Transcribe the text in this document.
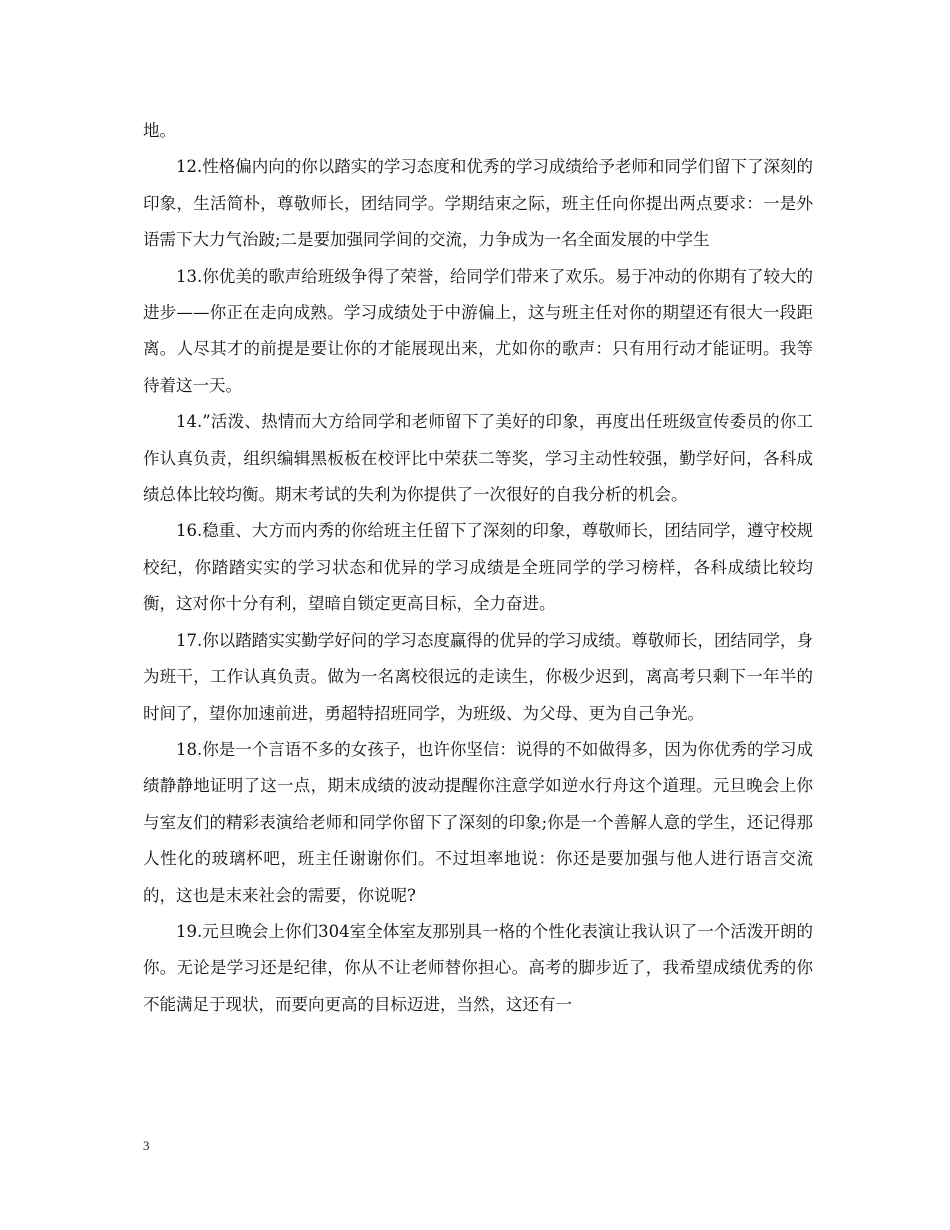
地。

12.性格偏内向的你以踏实的学习态度和优秀的学习成绩给予老师和同学们留下了深刻的印象，生活简朴，尊敬师长，团结同学。学期结束之际，班主任向你提出两点要求：一是外语需下大力气治跛;二是要加强同学间的交流，力争成为一名全面发展的中学生

13.你优美的歌声给班级争得了荣誉，给同学们带来了欢乐。易于冲动的你期有了较大的进步——你正在走向成熟。学习成绩处于中游偏上，这与班主任对你的期望还有很大一段距离。人尽其才的前提是要让你的才能展现出来，尤如你的歌声：只有用行动才能证明。我等待着这一天。

14.”活泼、热情而大方给同学和老师留下了美好的印象，再度出任班级宣传委员的你工作认真负责，组织编辑黑板板在校评比中荣获二等奖，学习主动性较强，勤学好问，各科成绩总体比较均衡。期末考试的失利为你提供了一次很好的自我分析的机会。

16.稳重、大方而内秀的你给班主任留下了深刻的印象，尊敬师长，团结同学，遵守校规校纪，你踏踏实实的学习状态和优异的学习成绩是全班同学的学习榜样，各科成绩比较均衡，这对你十分有利，望暗自锁定更高目标，全力奋进。

17.你以踏踏实实勤学好问的学习态度赢得的优异的学习成绩。尊敬师长，团结同学，身为班干，工作认真负责。做为一名离校很远的走读生，你极少迟到，离高考只剩下一年半的时间了，望你加速前进，勇超特招班同学，为班级、为父母、更为自己争光。

18.你是一个言语不多的女孩子，也许你坚信：说得的不如做得多，因为你优秀的学习成绩静静地证明了这一点，期末成绩的波动提醒你注意学如逆水行舟这个道理。元旦晚会上你与室友们的精彩表演给老师和同学你留下了深刻的印象;你是一个善解人意的学生，还记得那人性化的玻璃杯吧，班主任谢谢你们。不过坦率地说：你还是要加强与他人进行语言交流的，这也是末来社会的需要，你说呢?

19.元旦晚会上你们304室全体室友那别具一格的个性化表演让我认识了一个活泼开朗的你。无论是学习还是纪律，你从不让老师替你担心。高考的脚步近了，我希望成绩优秀的你不能满足于现状，而要向更高的目标迈进，当然，这还有一

3
